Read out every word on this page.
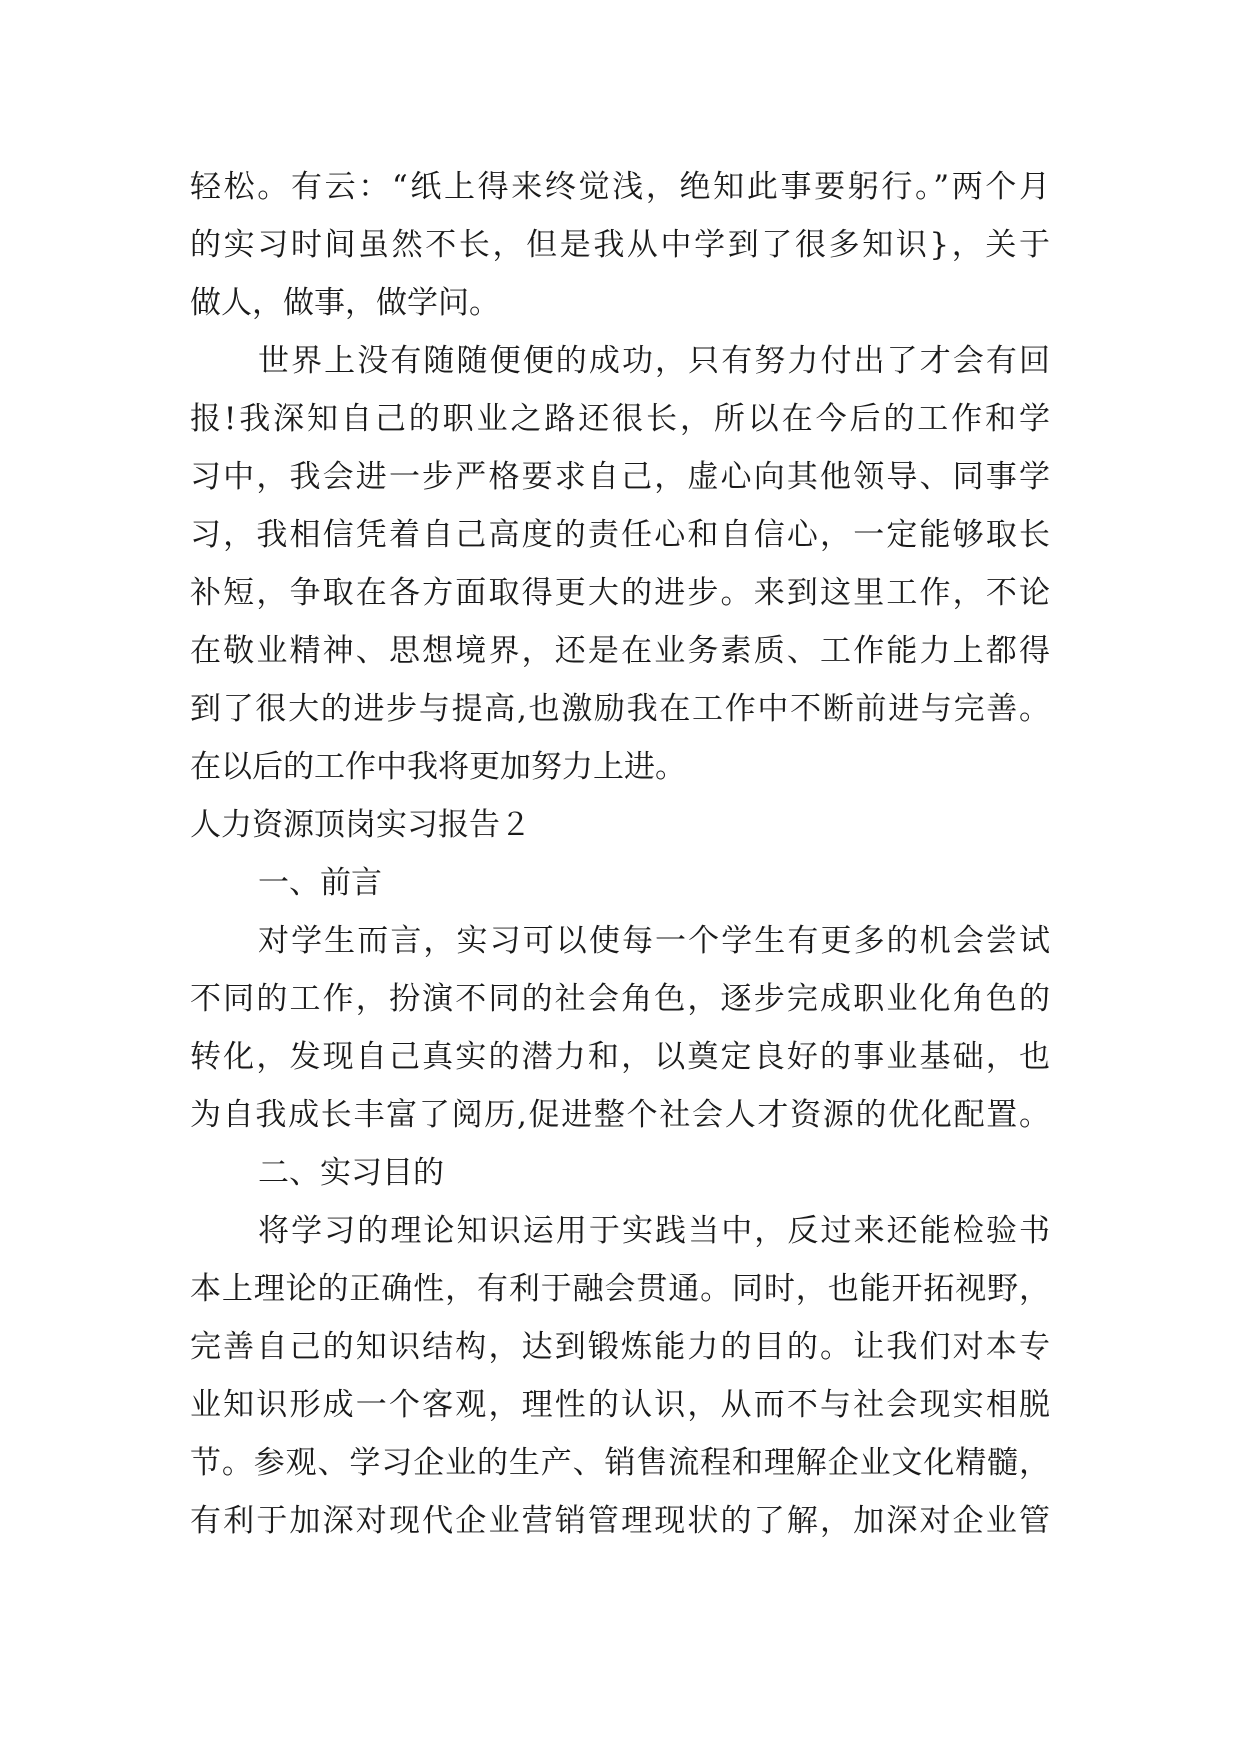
轻松。有云：“纸上得来终觉浅，绝知此事要躬行。”两个月
的实习时间虽然不长，但是我从中学到了很多知识}，关于
做人，做事，做学问。
世界上没有随随便便的成功，只有努力付出了才会有回
报!我深知自己的职业之路还很长，所以在今后的工作和学
习中，我会进一步严格要求自己，虚心向其他领导、同事学
习，我相信凭着自己高度的责任心和自信心，一定能够取长
补短，争取在各方面取得更大的进步。来到这里工作，不论
在敬业精神、思想境界，还是在业务素质、工作能力上都得
到了很大的进步与提高,也激励我在工作中不断前进与完善。
在以后的工作中我将更加努力上进。
人力资源顶岗实习报告２
一、前言
对学生而言，实习可以使每一个学生有更多的机会尝试
不同的工作，扮演不同的社会角色，逐步完成职业化角色的
转化，发现自己真实的潜力和，以奠定良好的事业基础，也
为自我成长丰富了阅历,促进整个社会人才资源的优化配置。
二、实习目的
将学习的理论知识运用于实践当中，反过来还能检验书
本上理论的正确性，有利于融会贯通。同时，也能开拓视野，
完善自己的知识结构，达到锻炼能力的目的。让我们对本专
业知识形成一个客观，理性的认识，从而不与社会现实相脱
节。参观、学习企业的生产、销售流程和理解企业文化精髓，
有利于加深对现代企业营销管理现状的了解，加深对企业管
